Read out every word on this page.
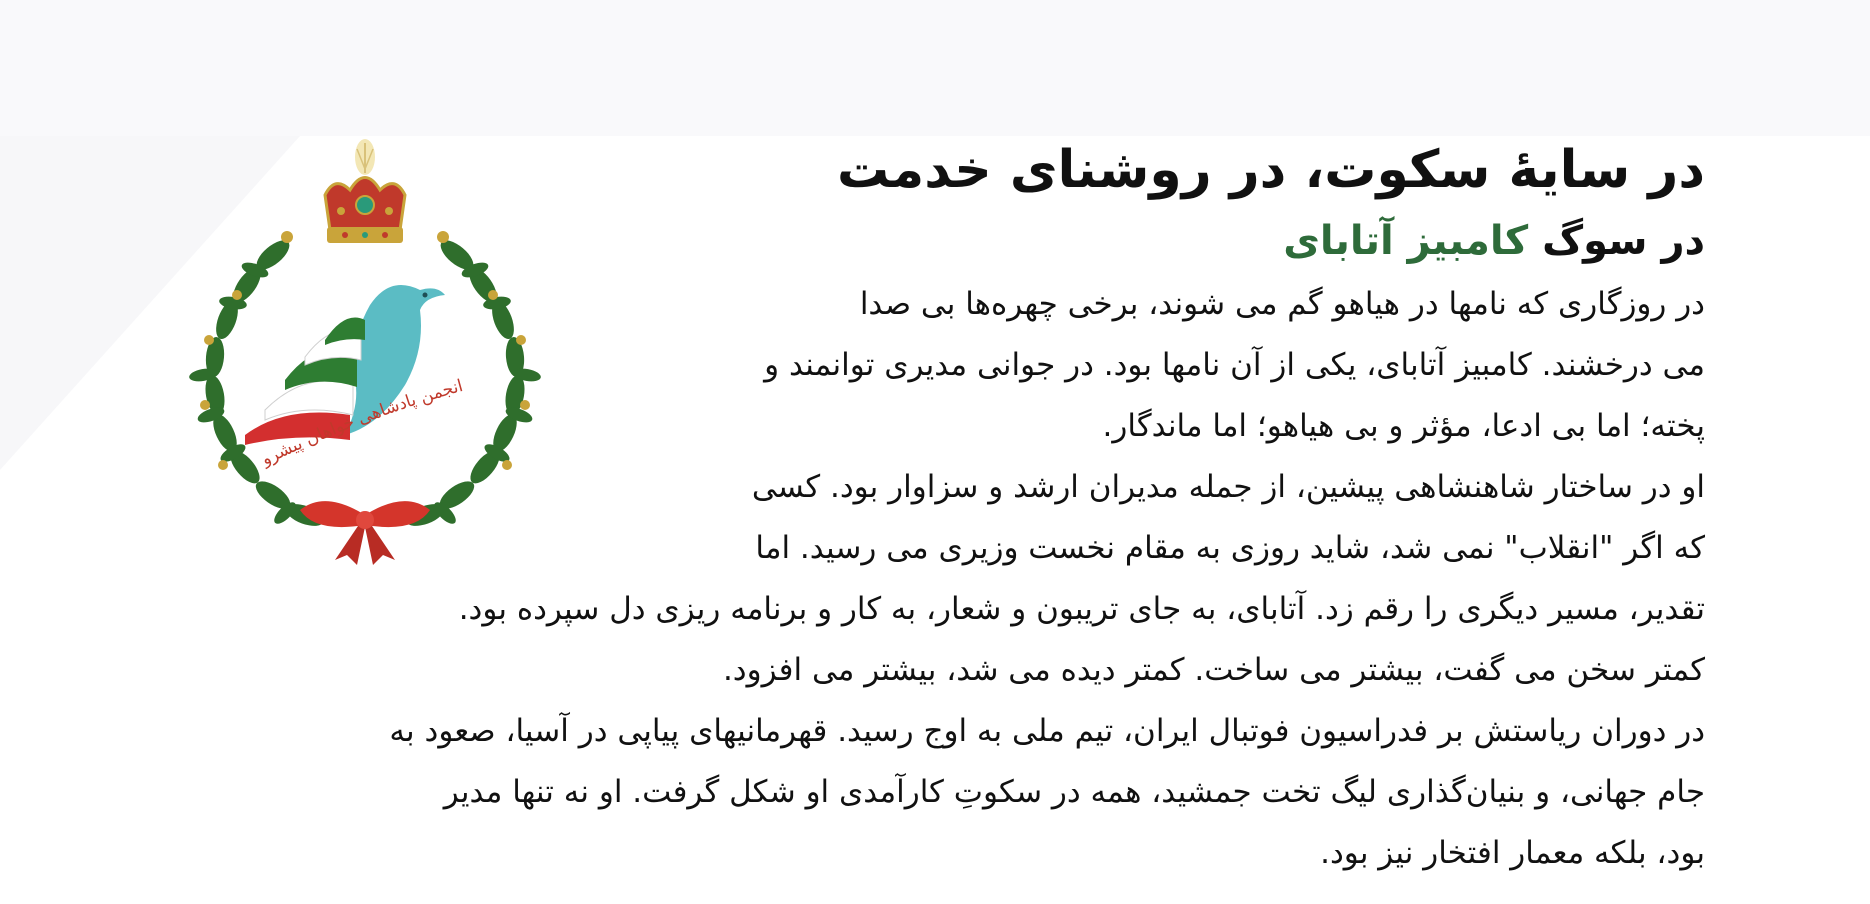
انجمن پادشاهی خواهان پیشرو
در سایهٔ سکوت، در روشنای خدمت
در سوگ کامبیز آتابای

در روزگاری که نامها در هیاهو گم می شوند، برخی چهره‌ها بی صدا
می درخشند. کامبیز آتابای، یکی از آن نامها بود. در جوانی مدیری توانمند و
پخته؛ اما بی ادعا، مؤثر و بی هیاهو؛ اما ماندگار.

او در ساختار شاهنشاهی پیشین، از جمله مدیران ارشد و سزاوار بود. کسی
که اگر "انقلاب" نمی شد، شاید روزی به مقام نخست وزیری می رسید. اما
تقدیر، مسیر دیگری را رقم زد. آتابای، به جای تریبون و شعار، به کار و برنامه ریزی دل سپرده بود.
کمتر سخن می گفت، بیشتر می ساخت. کمتر دیده می شد، بیشتر می افزود.

در دوران ریاستش بر فدراسیون فوتبال ایران، تیم ملی به اوج رسید. قهرمانیهای پیاپی در آسیا، صعود به
جام جهانی، و بنیان‌گذاری لیگ تخت جمشید، همه در سکوتِ کارآمدی او شکل گرفت. او نه تنها مدیر
بود، بلکه معمار افتخار نیز بود.
